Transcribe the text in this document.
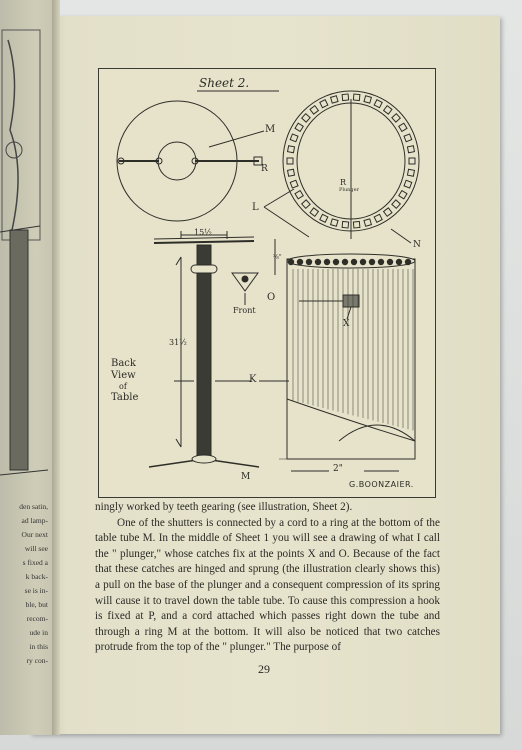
den satin,
ad lamp-
Our next
will see
s fixed a
k back-
se is in-
ble, but
recom-
ude in
in this
ry con-
Sheet 2.
M
R
R
Plunger
L
N
15½
31½
Front
O
X
K
M
Back
View
of
Table
2"
⅜"
G.BOONZAIER.

ningly worked by teeth gearing (see illustration, Sheet 2).

One of the shutters is connected by a cord to a ring at the bottom of the table tube M. In the middle of Sheet 1 you will see a drawing of what I call the " plunger," whose catches fix at the points X and O. Because of the fact that these catches are hinged and sprung (the illustration clearly shows this) a pull on the base of the plunger and a consequent compression of its spring will cause it to travel down the table tube. To cause this compression a hook is fixed at P, and a cord attached which passes right down the tube and through a ring M at the bottom. It will also be noticed that two catches protrude from the top of the " plunger." The purpose of

29
